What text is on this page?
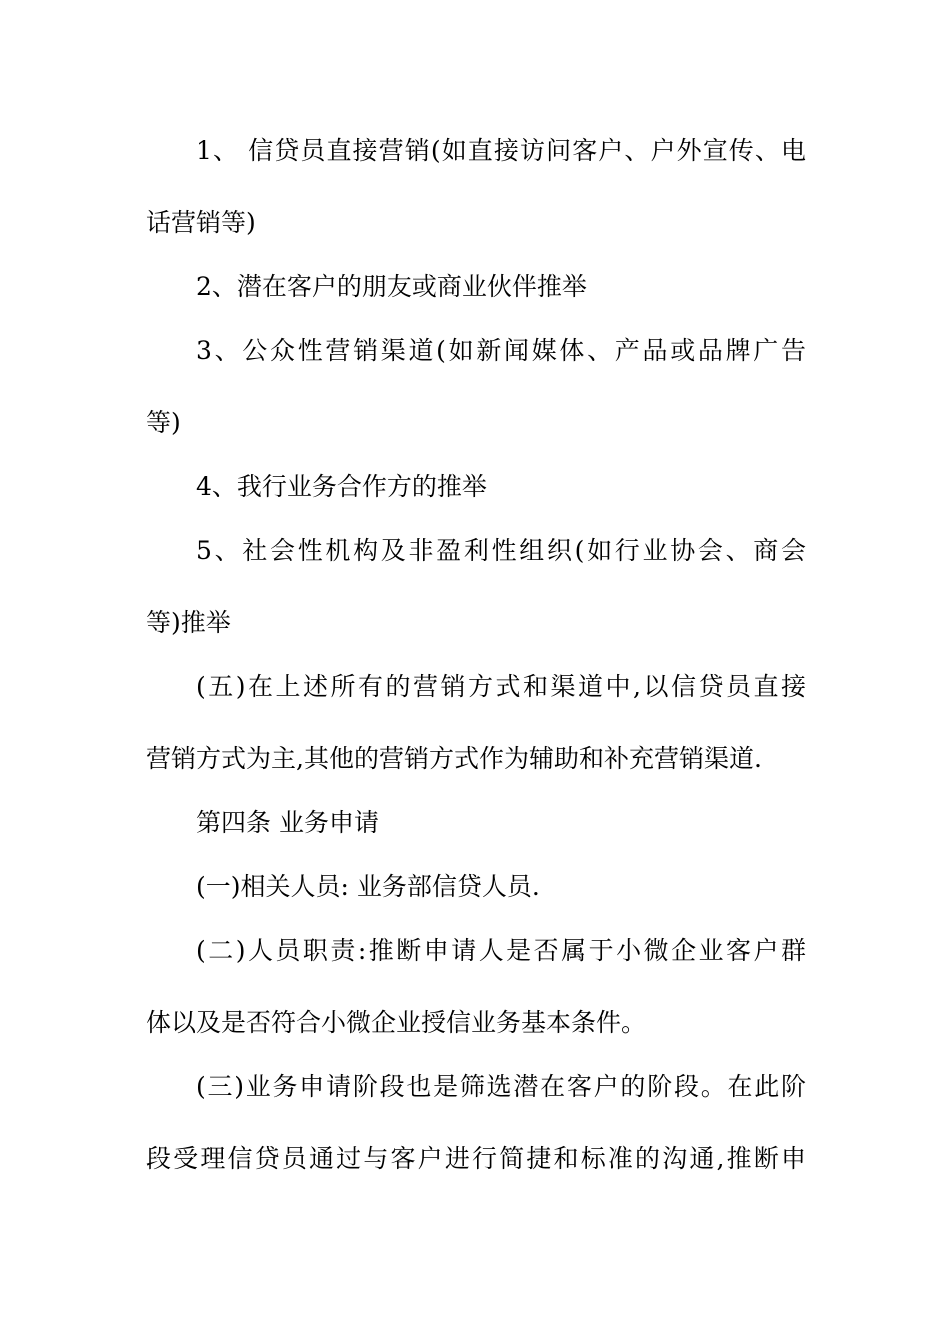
1、 信贷员直接营销(如直接访问客户、户外宣传、电
话营销等)
2、潜在客户的朋友或商业伙伴推举
3、公众性营销渠道(如新闻媒体、产品或品牌广告
等)
4、我行业务合作方的推举
5、社会性机构及非盈利性组织(如行业协会、商会
等)推举
(五)在上述所有的营销方式和渠道中,以信贷员直接
营销方式为主,其他的营销方式作为辅助和补充营销渠道.
第四条 业务申请
(一)相关人员: 业务部信贷人员.
(二)人员职责:推断申请人是否属于小微企业客户群
体以及是否符合小微企业授信业务基本条件。
(三)业务申请阶段也是筛选潜在客户的阶段。在此阶
段受理信贷员通过与客户进行简捷和标准的沟通,推断申
